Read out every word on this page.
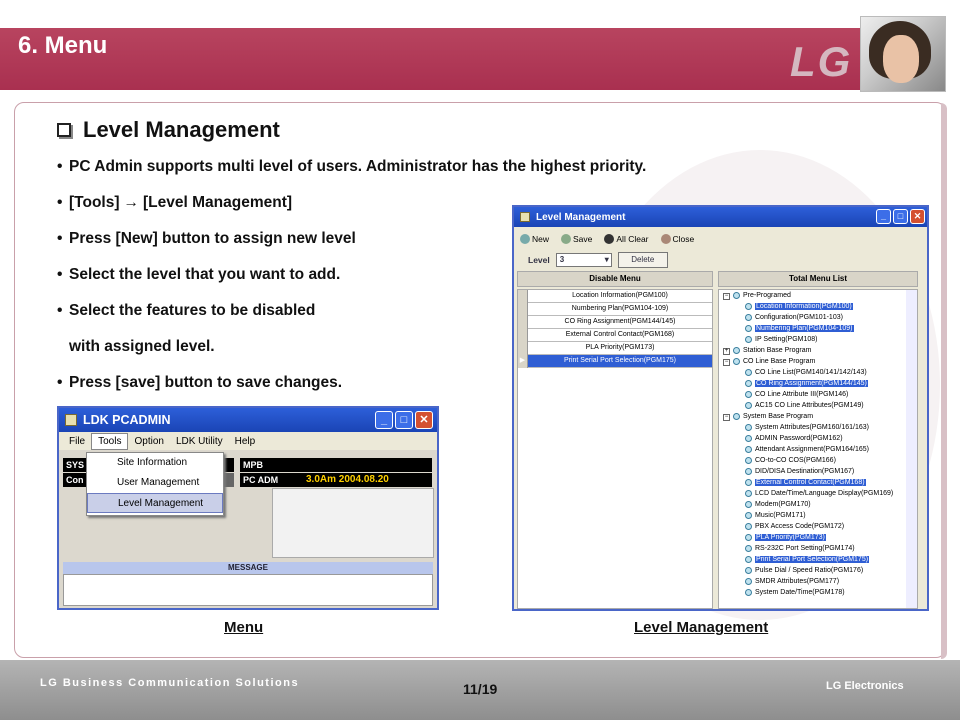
6. Menu	LG
Level Management
• PC Admin supports multi level of users. Administrator has the highest priority.
• [Tools] → [Level Management]
• Press [New] button to assign new level
• Select the level that you want to add.
• Select the features to be disabled
with assigned level.
• Press [save] button to save changes.
LDK PCADMIN	_	□	✕
File	Tools	Option	LDK Utility	Help
SYS
Con
MPB
PC ADM	3.0Am 2004.08.20
Site Information
User Management
Level Management
MESSAGE
Level Management	_	□	✕
New	Save	All Clear	Close
Level	3 ▾	Delete
Disable Menu	Total Menu List
Location Information(PGM100)
Numbering Plan(PGM104-109)
CO Ring Assignment(PGM144/145)
External Control Contact(PGM168)
PLA Priority(PGM173)
▶	Print Serial Port Selection(PGM175)
− Pre-Programed
Location Information(PGM100)
Configuration(PGM101-103)
Numbering Plan(PGM104-109)
IP Setting(PGM108)
+ Station Base Program
− CO Line Base Program
CO Line List(PGM140/141/142/143)
CO Ring Assignment(PGM144/145)
CO Line Attribute III(PGM146)
AC15 CO Line Attributes(PGM149)
− System Base Program
System Attributes(PGM160/161/163)
ADMIN Password(PGM162)
Attendant Assignment(PGM164/165)
CO-to-CO COS(PGM166)
DID/DISA Destination(PGM167)
External Control Contact(PGM168)
LCD Date/Time/Language Display(PGM169)
Modem(PGM170)
Music(PGM171)
PBX Access Code(PGM172)
PLA Priority(PGM173)
RS-232C Port Setting(PGM174)
Print Serial Port Selection(PGM175)
Pulse Dial / Speed Ratio(PGM176)
SMDR Attributes(PGM177)
System Date/Time(PGM178)
Menu	Level Management
LG Business Communication Solutions	LG Electronics
11/19
